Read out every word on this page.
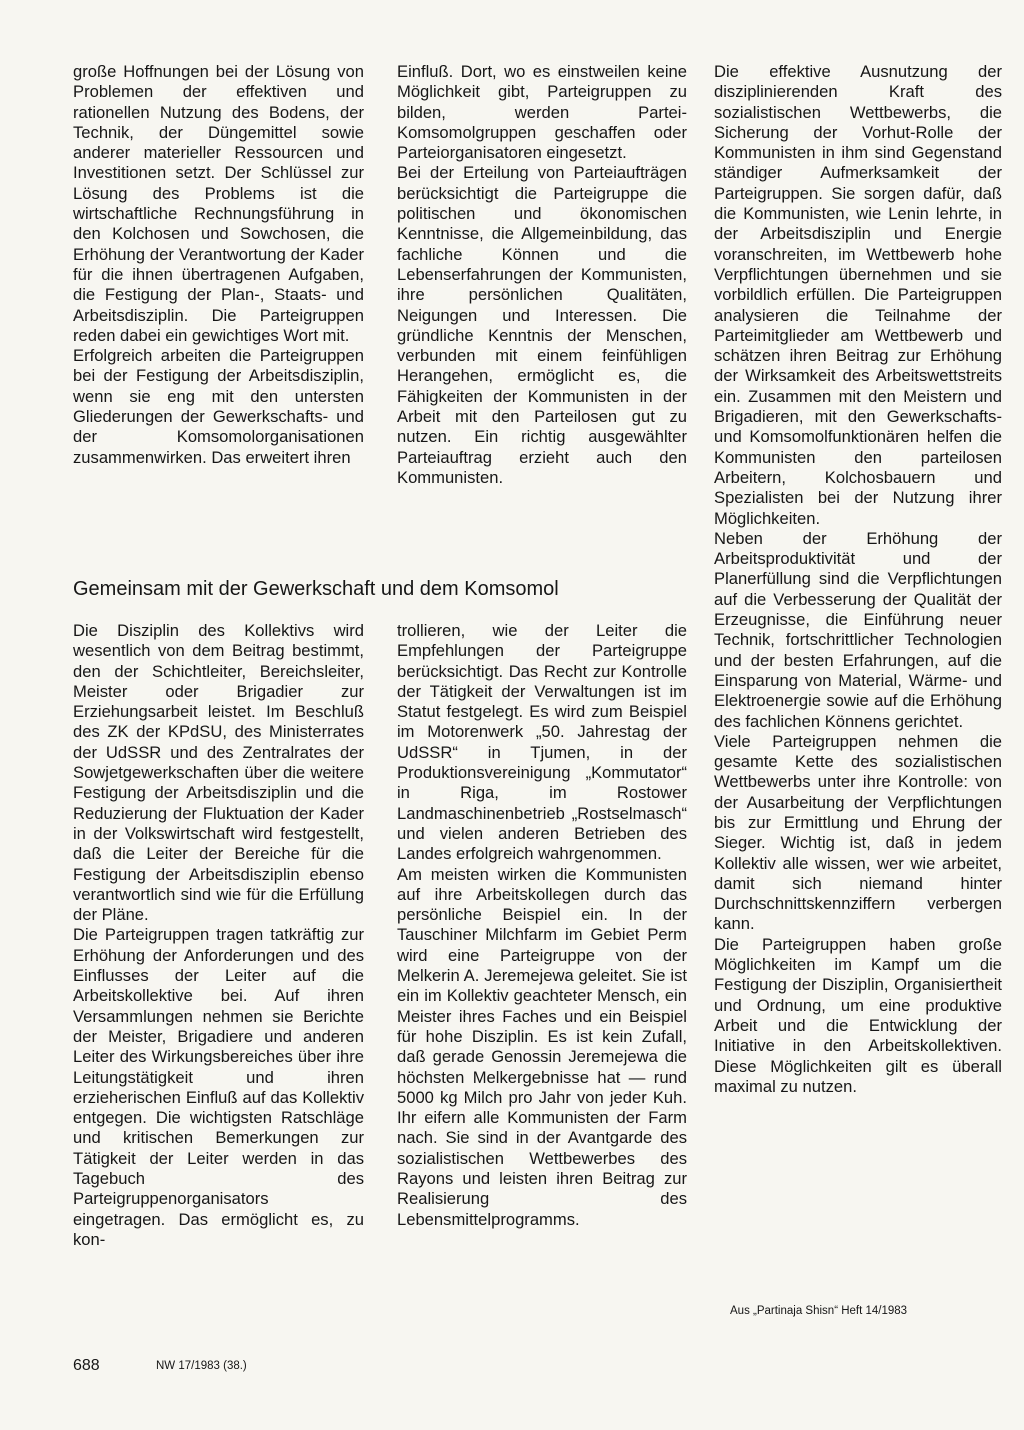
große Hoffnungen bei der Lösung von Problemen der effektiven und rationellen Nutzung des Bodens, der Technik, der Düngemittel sowie anderer materieller Ressourcen und Investitionen setzt. Der Schlüssel zur Lösung des Problems ist die wirtschaftliche Rechnungsführung in den Kolchosen und Sowchosen, die Erhöhung der Verantwortung der Kader für die ihnen übertragenen Aufgaben, die Festigung der Plan-, Staats- und Arbeitsdisziplin. Die Parteigruppen reden dabei ein gewichtiges Wort mit.

Erfolgreich arbeiten die Parteigruppen bei der Festigung der Arbeitsdisziplin, wenn sie eng mit den untersten Gliederungen der Gewerkschafts- und der Komsomolorganisationen zusammenwirken. Das erweitert ihren

Einfluß. Dort, wo es einstweilen keine Möglichkeit gibt, Parteigruppen zu bilden, werden Partei-Komsomolgruppen geschaffen oder Parteiorganisatoren eingesetzt.

Bei der Erteilung von Parteiaufträgen berücksichtigt die Parteigruppe die politischen und ökonomischen Kenntnisse, die Allgemeinbildung, das fachliche Können und die Lebenserfahrungen der Kommunisten, ihre persönlichen Qualitäten, Neigungen und Interessen. Die gründliche Kenntnis der Menschen, verbunden mit einem feinfühligen Herangehen, ermöglicht es, die Fähigkeiten der Kommunisten in der Arbeit mit den Parteilosen gut zu nutzen. Ein richtig ausgewählter Parteiauftrag erzieht auch den Kommunisten.

Gemeinsam mit der Gewerkschaft und dem Komsomol

Die Disziplin des Kollektivs wird wesentlich von dem Beitrag bestimmt, den der Schichtleiter, Bereichsleiter, Meister oder Brigadier zur Erziehungsarbeit leistet. Im Beschluß des ZK der KPdSU, des Ministerrates der UdSSR und des Zentralrates der Sowjetgewerkschaften über die weitere Festigung der Arbeitsdisziplin und die Reduzierung der Fluktuation der Kader in der Volkswirtschaft wird festgestellt, daß die Leiter der Bereiche für die Festigung der Arbeitsdisziplin ebenso verantwortlich sind wie für die Erfüllung der Pläne.

Die Parteigruppen tragen tatkräftig zur Erhöhung der Anforderungen und des Einflusses der Leiter auf die Arbeitskollektive bei. Auf ihren Versammlungen nehmen sie Berichte der Meister, Brigadiere und anderen Leiter des Wirkungsbereiches über ihre Leitungstätigkeit und ihren erzieherischen Einfluß auf das Kollektiv entgegen. Die wichtigsten Ratschläge und kritischen Bemerkungen zur Tätigkeit der Leiter werden in das Tagebuch des Parteigruppenorganisators eingetragen. Das ermöglicht es, zu kon-

trollieren, wie der Leiter die Empfehlungen der Parteigruppe berücksichtigt. Das Recht zur Kontrolle der Tätigkeit der Verwaltungen ist im Statut festgelegt. Es wird zum Beispiel im Motorenwerk „50. Jahrestag der UdSSR“ in Tjumen, in der Produktionsvereinigung „Kommutator“ in Riga, im Rostower Landmaschinenbetrieb „Rostselmasch“ und vielen anderen Betrieben des Landes erfolgreich wahrgenommen.

Am meisten wirken die Kommunisten auf ihre Arbeitskollegen durch das persönliche Beispiel ein. In der Tauschiner Milchfarm im Gebiet Perm wird eine Parteigruppe von der Melkerin A. Jeremejewa geleitet. Sie ist ein im Kollektiv geachteter Mensch, ein Meister ihres Faches und ein Beispiel für hohe Disziplin. Es ist kein Zufall, daß gerade Genossin Jeremejewa die höchsten Melkergebnisse hat — rund 5000 kg Milch pro Jahr von jeder Kuh. Ihr eifern alle Kommunisten der Farm nach. Sie sind in der Avantgarde des sozialistischen Wettbewerbes des Rayons und leisten ihren Beitrag zur Realisierung des Lebensmittelprogramms.

Die effektive Ausnutzung der disziplinierenden Kraft des sozialistischen Wettbewerbs, die Sicherung der Vorhut-Rolle der Kommunisten in ihm sind Gegenstand ständiger Aufmerksamkeit der Parteigruppen. Sie sorgen dafür, daß die Kommunisten, wie Lenin lehrte, in der Arbeitsdisziplin und Energie voranschreiten, im Wettbewerb hohe Verpflichtungen übernehmen und sie vorbildlich erfüllen. Die Parteigruppen analysieren die Teilnahme der Parteimitglieder am Wettbewerb und schätzen ihren Beitrag zur Erhöhung der Wirksamkeit des Arbeitswettstreits ein. Zusammen mit den Meistern und Brigadieren, mit den Gewerkschafts- und Komsomolfunktionären helfen die Kommunisten den parteilosen Arbeitern, Kolchosbauern und Spezialisten bei der Nutzung ihrer Möglichkeiten.

Neben der Erhöhung der Arbeitsproduktivität und der Planerfüllung sind die Verpflichtungen auf die Verbesserung der Qualität der Erzeugnisse, die Einführung neuer Technik, fortschrittlicher Technologien und der besten Erfahrungen, auf die Einsparung von Material, Wärme- und Elektroenergie sowie auf die Erhöhung des fachlichen Könnens gerichtet.

Viele Parteigruppen nehmen die gesamte Kette des sozialistischen Wettbewerbs unter ihre Kontrolle: von der Ausarbeitung der Verpflichtungen bis zur Ermittlung und Ehrung der Sieger. Wichtig ist, daß in jedem Kollektiv alle wissen, wer wie arbeitet, damit sich niemand hinter Durchschnittskennziffern verbergen kann.

Die Parteigruppen haben große Möglichkeiten im Kampf um die Festigung der Disziplin, Organisiertheit und Ordnung, um eine produktive Arbeit und die Entwicklung der Initiative in den Arbeitskollektiven. Diese Möglichkeiten gilt es überall maximal zu nutzen.

Aus „Partinaja Shisn“ Heft 14/1983
688	NW 17/1983 (38.)
